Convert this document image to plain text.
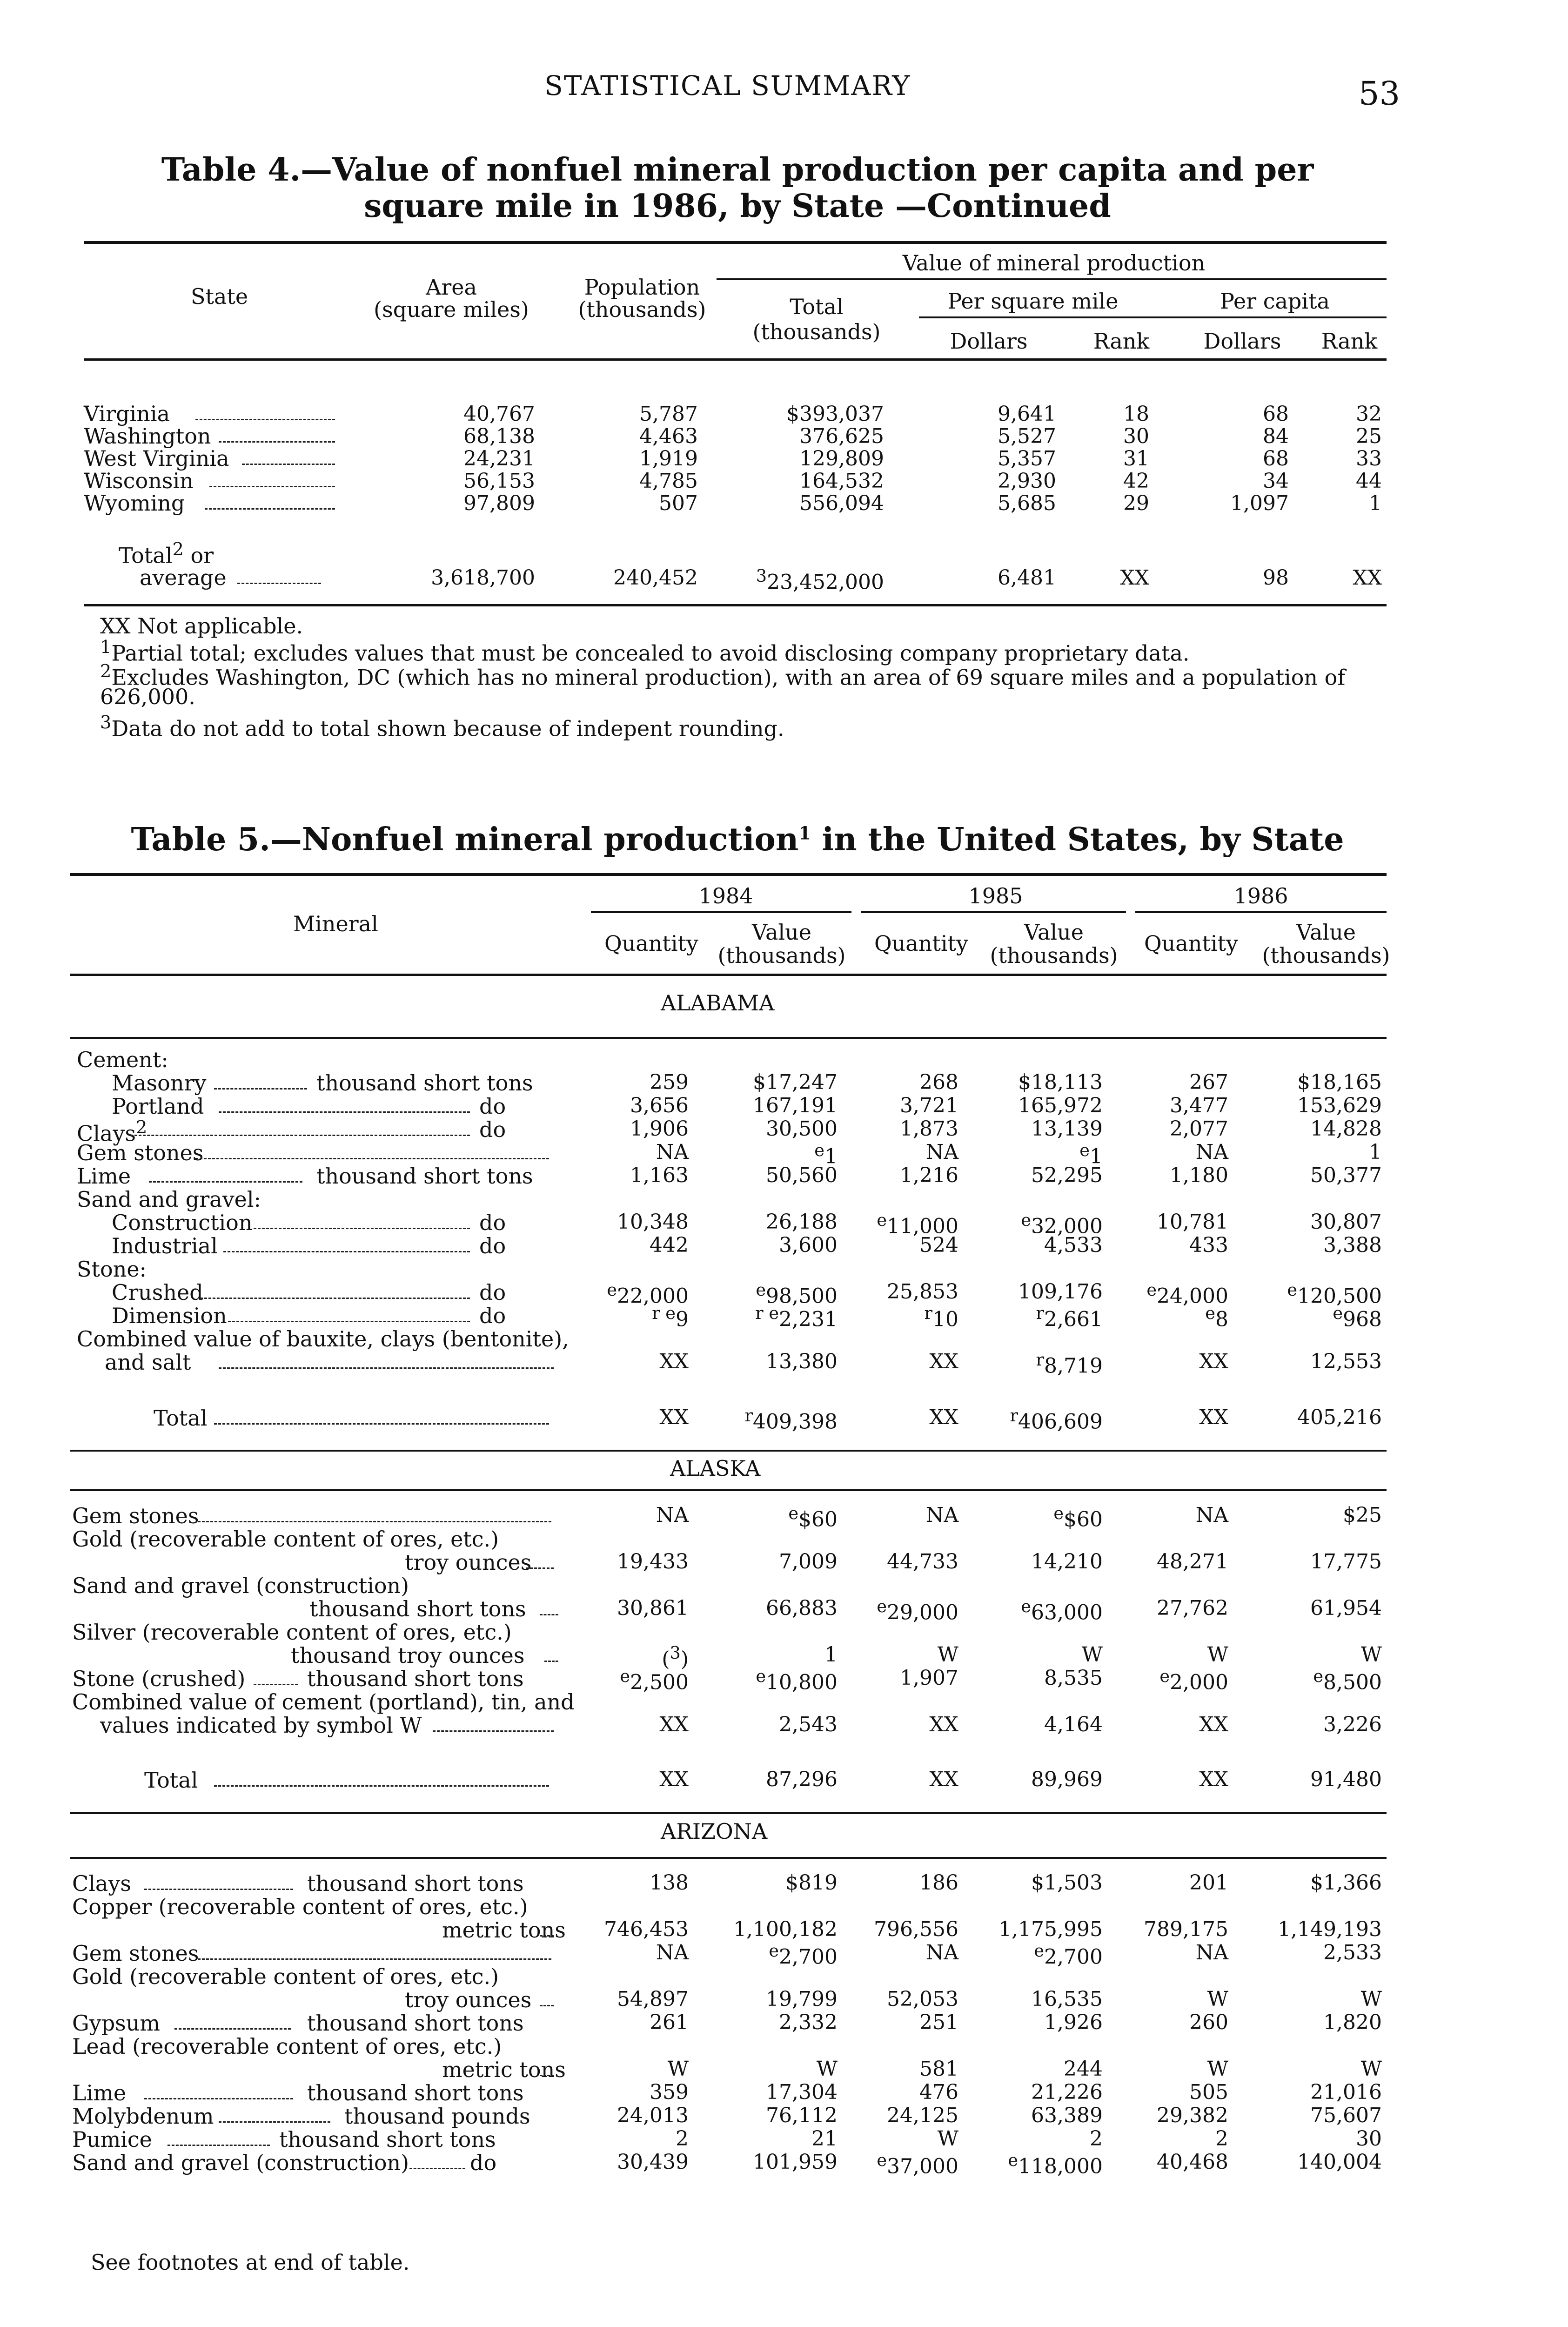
STATISTICAL SUMMARY	53
Table 4.—Value of nonfuel mineral production per capita and per
square mile in 1986, by State —Continued
State	Area
(square miles)
Population
(thousands)
Value of mineral production
Total
(thousands)
Per square mile	Per capita
Dollars	Rank	Dollars	Rank
Virginia	40,767	5,787	$393,037	9,641	18	68	32
Washington	68,138	4,463	376,625	5,527	30	84	25
West Virginia	24,231	1,919	129,809	5,357	31	68	33
Wisconsin	56,153	4,785	164,532	2,930	42	34	44
Wyoming	97,809	507	556,094	5,685	29	1,097	1
Total$^2$ or
average	3,618,700	240,452	$^3$23,452,000	6,481	XX	98	XX
XX Not applicable.
$^1$Partial total; excludes values that must be concealed to avoid disclosing company proprietary data.
$^2$Excludes Washington, DC (which has no mineral production), with an area of 69 square miles and a population of
626,000.
$^3$Data do not add to total shown because of indepent rounding.
Table 5.—Nonfuel mineral production$^1$ in the United States, by State
Mineral
1984	1985	1986
Quantity	Value
(thousands)	Quantity	Value
(thousands)	Quantity	Value
(thousands)
ALABAMA
Cement:
Masonry	thousand short tons	259	$17,247	268	$18,113	267	$18,165
Portland	do	3,656	167,191	3,721	165,972	3,477	153,629
Clays$^2$	do	1,906	30,500	1,873	13,139	2,077	14,828
Gem stones	NA	$^e$1	NA	$^e$1	NA	1
Lime	thousand short tons	1,163	50,560	1,216	52,295	1,180	50,377
Sand and gravel:
Construction	do	10,348	26,188	$^e$11,000	$^e$32,000	10,781	30,807
Industrial	do	442	3,600	524	4,533	433	3,388
Stone:
Crushed	do	$^e$22,000	$^e$98,500	25,853	109,176	$^e$24,000	$^e$120,500
Dimension	do	$^{r e}$9	$^{r e}$2,231	$^r$10	$^r$2,661	$^e$8	$^e$968
Combined value of bauxite, clays (bentonite),
and salt	XX	13,380	XX	$^r$8,719	XX	12,553
Total	XX	$^r$409,398	XX	$^r$406,609	XX	405,216
ALASKA
Gem stones	NA	$^e$\$60	NA	$^e$\$60	NA	$25
Gold (recoverable content of ores, etc.)
troy ounces	19,433	7,009	44,733	14,210	48,271	17,775
Sand and gravel (construction)
thousand short tons	30,861	66,883	$^e$29,000	$^e$63,000	27,762	61,954
Silver (recoverable content of ores, etc.)
thousand troy ounces	($^3$)	1	W	W	W	W
Stone (crushed)	thousand short tons	$^e$2,500	$^e$10,800	1,907	8,535	$^e$2,000	$^e$8,500
Combined value of cement (portland), tin, and
values indicated by symbol W	XX	2,543	XX	4,164	XX	3,226
Total	XX	87,296	XX	89,969	XX	91,480
ARIZONA
Clays	thousand short tons	138	$819	186	$1,503	201	$1,366
Copper (recoverable content of ores, etc.)
metric tons	746,453	1,100,182	796,556	1,175,995	789,175	1,149,193
Gem stones	NA	$^e$2,700	NA	$^e$2,700	NA	2,533
Gold (recoverable content of ores, etc.)
troy ounces	54,897	19,799	52,053	16,535	W	W
Gypsum	thousand short tons	261	2,332	251	1,926	260	1,820
Lead (recoverable content of ores, etc.)
metric tons	W	W	581	244	W	W
Lime	thousand short tons	359	17,304	476	21,226	505	21,016
Molybdenum	thousand pounds	24,013	76,112	24,125	63,389	29,382	75,607
Pumice	thousand short tons	2	21	W	2	2	30
Sand and gravel (construction)	do	30,439	101,959	$^e$37,000	$^e$118,000	40,468	140,004
See footnotes at end of table.
